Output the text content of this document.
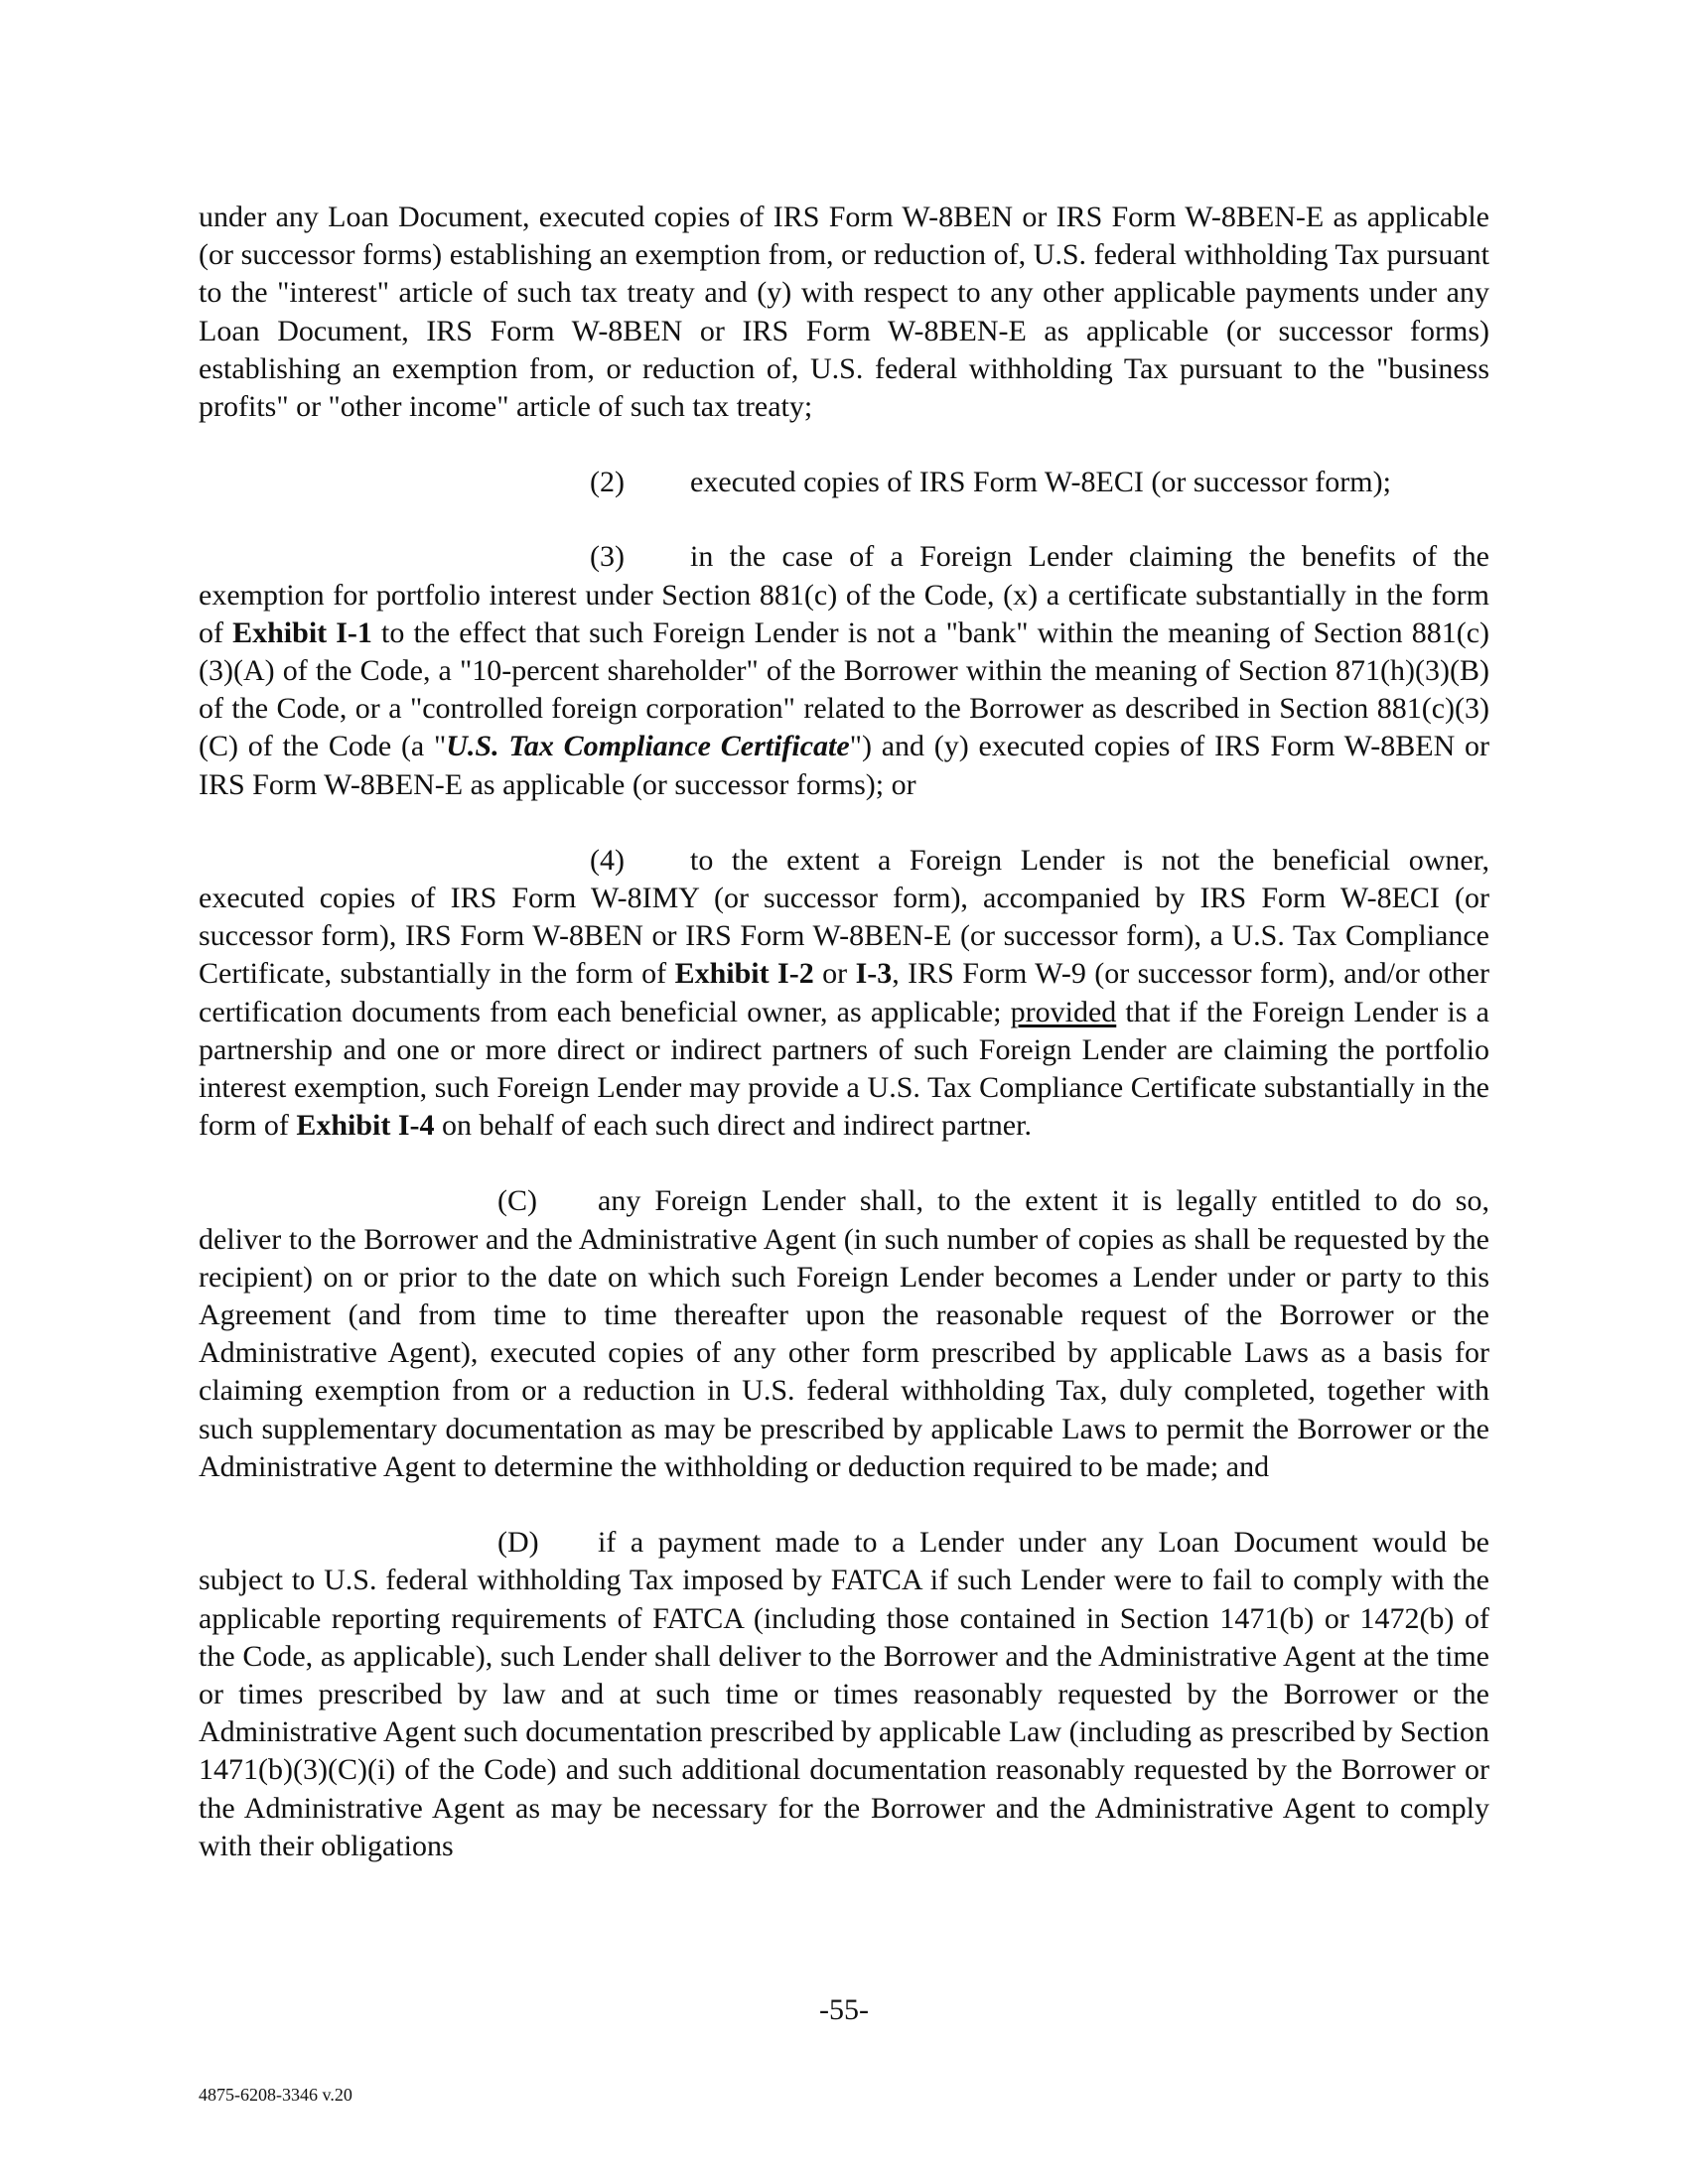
under any Loan Document, executed copies of IRS Form W-8BEN or IRS Form W-8BEN-E as applicable (or successor forms) establishing an exemption from, or reduction of, U.S. federal withholding Tax pursuant to the "interest" article of such tax treaty and (y) with respect to any other applicable payments under any Loan Document, IRS Form W-8BEN or IRS Form W-8BEN-E as applicable (or successor forms) establishing an exemption from, or reduction of, U.S. federal withholding Tax pursuant to the "business profits" or "other income" article of such tax treaty;

(2) executed copies of IRS Form W-8ECI (or successor form);

(3) in the case of a Foreign Lender claiming the benefits of the exemption for portfolio interest under Section 881(c) of the Code, (x) a certificate substantially in the form of Exhibit I-1 to the effect that such Foreign Lender is not a "bank" within the meaning of Section 881(c)(3)(A) of the Code, a "10-percent shareholder" of the Borrower within the meaning of Section 871(h)(3)(B) of the Code, or a "controlled foreign corporation" related to the Borrower as described in Section 881(c)(3)(C) of the Code (a "U.S. Tax Compliance Certificate") and (y) executed copies of IRS Form W-8BEN or IRS Form W-8BEN-E as applicable (or successor forms); or

(4) to the extent a Foreign Lender is not the beneficial owner, executed copies of IRS Form W-8IMY (or successor form), accompanied by IRS Form W-8ECI (or successor form), IRS Form W-8BEN or IRS Form W-8BEN-E (or successor form), a U.S. Tax Compliance Certificate, substantially in the form of Exhibit I-2 or I-3, IRS Form W-9 (or successor form), and/or other certification documents from each beneficial owner, as applicable; provided that if the Foreign Lender is a partnership and one or more direct or indirect partners of such Foreign Lender are claiming the portfolio interest exemption, such Foreign Lender may provide a U.S. Tax Compliance Certificate substantially in the form of Exhibit I-4 on behalf of each such direct and indirect partner.

(C) any Foreign Lender shall, to the extent it is legally entitled to do so, deliver to the Borrower and the Administrative Agent (in such number of copies as shall be requested by the recipient) on or prior to the date on which such Foreign Lender becomes a Lender under or party to this Agreement (and from time to time thereafter upon the reasonable request of the Borrower or the Administrative Agent), executed copies of any other form prescribed by applicable Laws as a basis for claiming exemption from or a reduction in U.S. federal withholding Tax, duly completed, together with such supplementary documentation as may be prescribed by applicable Laws to permit the Borrower or the Administrative Agent to determine the withholding or deduction required to be made; and

(D) if a payment made to a Lender under any Loan Document would be subject to U.S. federal withholding Tax imposed by FATCA if such Lender were to fail to comply with the applicable reporting requirements of FATCA (including those contained in Section 1471(b) or 1472(b) of the Code, as applicable), such Lender shall deliver to the Borrower and the Administrative Agent at the time or times prescribed by law and at such time or times reasonably requested by the Borrower or the Administrative Agent such documentation prescribed by applicable Law (including as prescribed by Section 1471(b)(3)(C)(i) of the Code) and such additional documentation reasonably requested by the Borrower or the Administrative Agent as may be necessary for the Borrower and the Administrative Agent to comply with their obligations

-55-
4875-6208-3346 v.20
